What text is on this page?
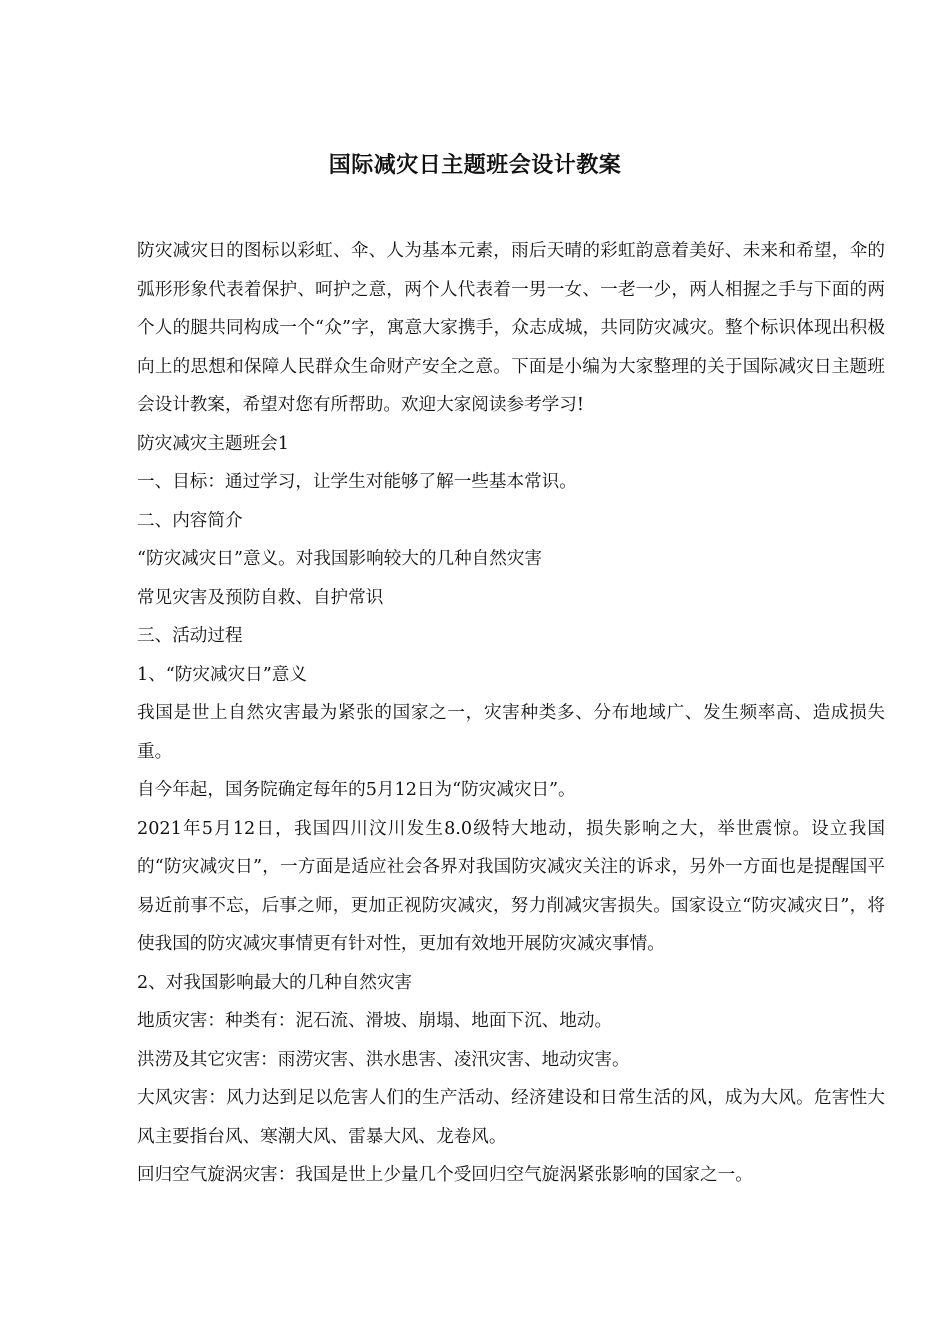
国际减灾日主题班会设计教案

防灾减灾日的图标以彩虹、伞、人为基本元素，雨后天晴的彩虹韵意着美好、未来和希望，伞的弧形形象代表着保护、呵护之意，两个人代表着一男一女、一老一少，两人相握之手与下面的两个人的腿共同构成一个“众”字，寓意大家携手，众志成城，共同防灾减灾。整个标识体现出积极向上的思想和保障人民群众生命财产安全之意。下面是小编为大家整理的关于国际减灾日主题班会设计教案，希望对您有所帮助。欢迎大家阅读参考学习!

防灾减灾主题班会1

一、目标：通过学习，让学生对能够了解一些基本常识。

二、内容简介

“防灾减灾日”意义。对我国影响较大的几种自然灾害

常见灾害及预防自救、自护常识

三、活动过程

1、“防灾减灾日”意义

我国是世上自然灾害最为紧张的国家之一，灾害种类多、分布地域广、发生频率高、造成损失重。

自今年起，国务院确定每年的5月12日为“防灾减灾日”。

2021年5月12日，我国四川汶川发生8.0级特大地动，损失影响之大，举世震惊。设立我国的“防灾减灾日”，一方面是适应社会各界对我国防灾减灾关注的诉求，另外一方面也是提醒国平易近前事不忘，后事之师，更加正视防灾减灾，努力削减灾害损失。国家设立“防灾减灾日”，将使我国的防灾减灾事情更有针对性，更加有效地开展防灾减灾事情。

2、对我国影响最大的几种自然灾害

地质灾害：种类有：泥石流、滑坡、崩塌、地面下沉、地动。

洪涝及其它灾害：雨涝灾害、洪水患害、凌汛灾害、地动灾害。

大风灾害：风力达到足以危害人们的生产活动、经济建设和日常生活的风，成为大风。危害性大风主要指台风、寒潮大风、雷暴大风、龙卷风。

回归空气旋涡灾害：我国是世上少量几个受回归空气旋涡紧张影响的国家之一。
